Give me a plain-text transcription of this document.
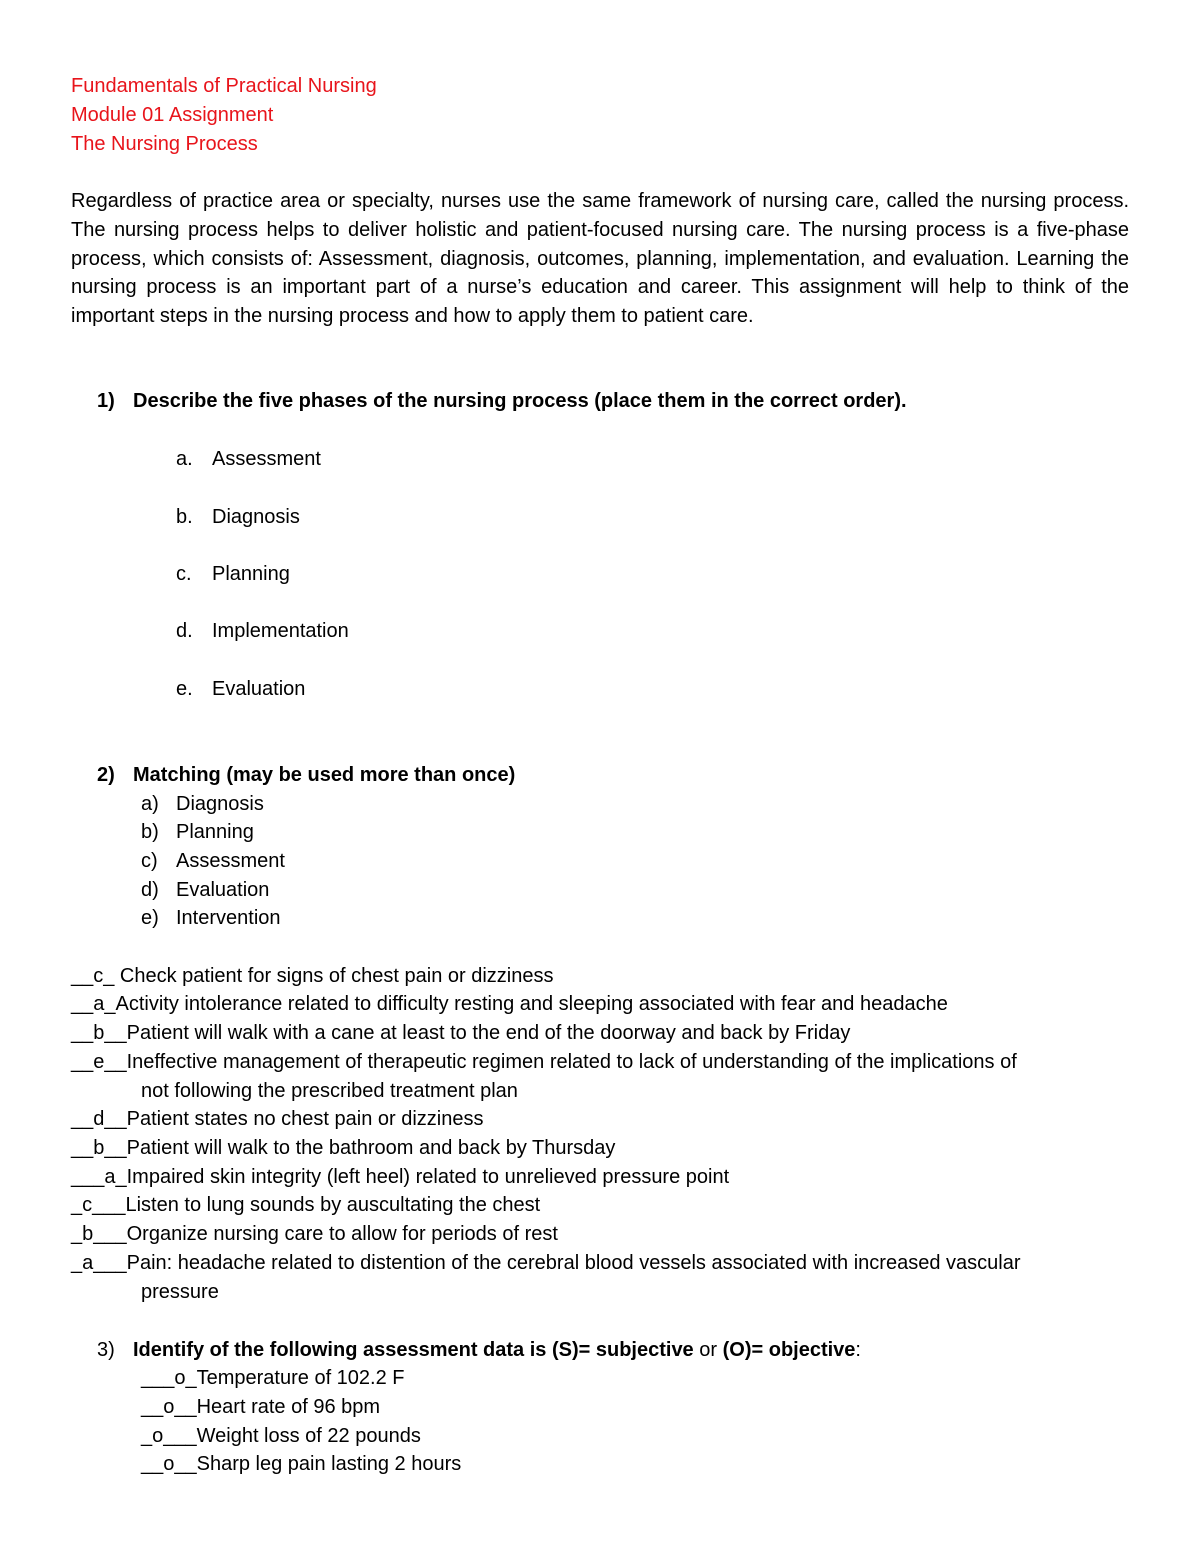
Fundamentals of Practical Nursing
Module 01 Assignment
The Nursing Process
Regardless of practice area or specialty, nurses use the same framework of nursing care, called the nursing process. The nursing process helps to deliver holistic and patient-focused nursing care. The nursing process is a five-phase process, which consists of: Assessment, diagnosis, outcomes, planning, implementation, and evaluation. Learning the nursing process is an important part of a nurse’s education and career. This assignment will help to think of the important steps in the nursing process and how to apply them to patient care.
1) Describe the five phases of the nursing process (place them in the correct order).
a. Assessment
b. Diagnosis
c. Planning
d. Implementation
e. Evaluation
2) Matching (may be used more than once)
a) Diagnosis
b) Planning
c) Assessment
d) Evaluation
e) Intervention
__c_ Check patient for signs of chest pain or dizziness
__a_Activity intolerance related to difficulty resting and sleeping associated with fear and headache
__b__Patient will walk with a cane at least to the end of the doorway and back by Friday
__e__Ineffective management of therapeutic regimen related to lack of understanding of the implications of
not following the prescribed treatment plan
__d__Patient states no chest pain or dizziness
__b__Patient will walk to the bathroom and back by Thursday
___a_Impaired skin integrity (left heel) related to unrelieved pressure point
_c___Listen to lung sounds by auscultating the chest
_b___Organize nursing care to allow for periods of rest
_a___Pain: headache related to distention of the cerebral blood vessels associated with increased vascular
pressure
3) Identify of the following assessment data is (S)= subjective or (O)= objective:
___o_Temperature of 102.2 F
__o__Heart rate of 96 bpm
_o___Weight loss of 22 pounds
__o__Sharp leg pain lasting 2 hours
